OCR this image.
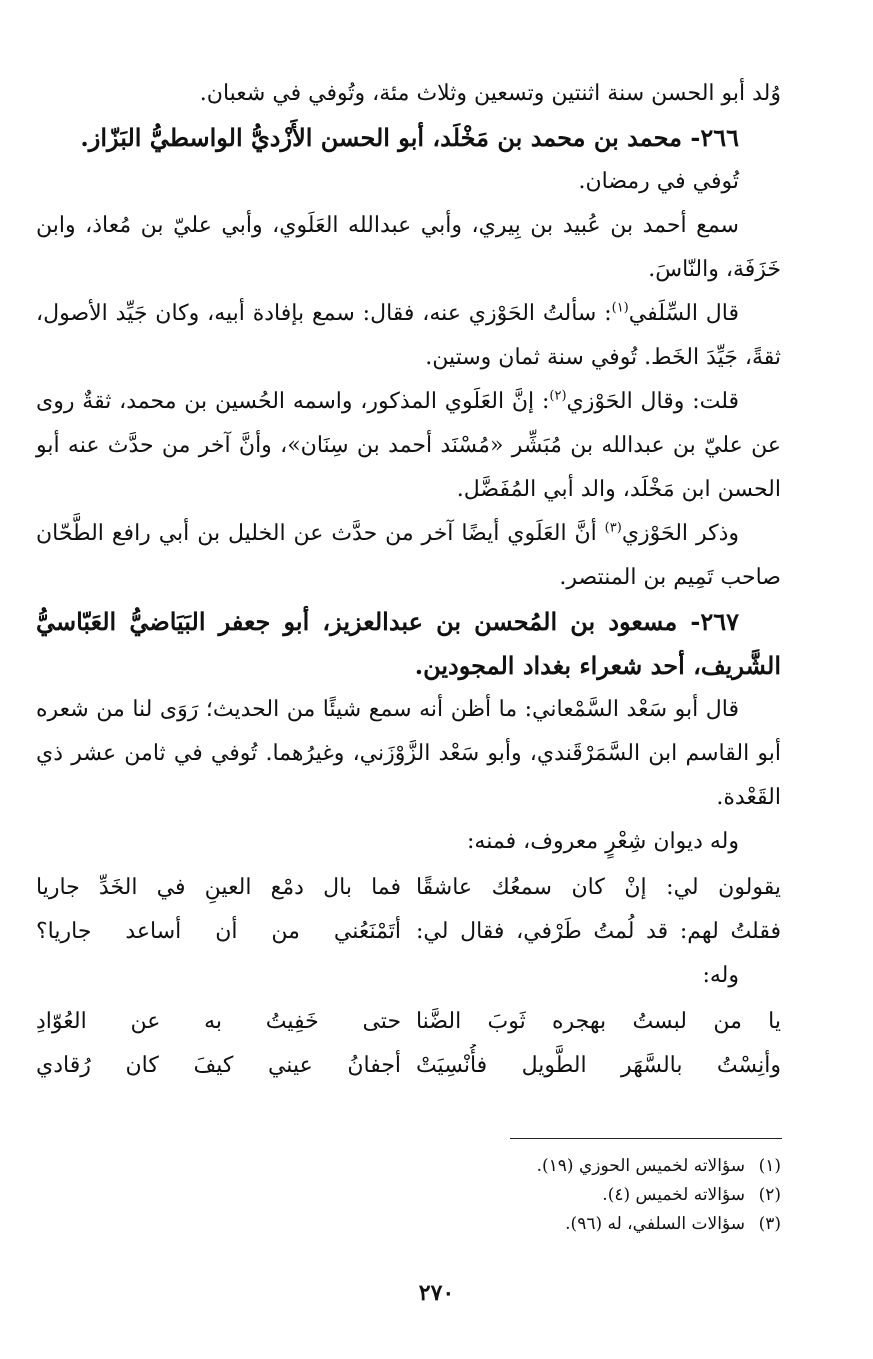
وُلد أبو الحسن سنة اثنتين وتسعين وثلاث مئة، وتُوفي في شعبان.

٢٦٦- محمد بن محمد بن مَخْلَد، أبو الحسن الأَزْديُّ الواسطيُّ البَزّاز.

تُوفي في رمضان.

سمع أحمد بن عُبيد بن بِيري، وأبي عبدالله العَلَوي، وأبي عليّ بن مُعاذ، وابن خَزَفَة، والنّاسَ.

قال السِّلَفي$^{(١)}$: سألتُ الحَوْزي عنه، فقال: سمع بإفادة أبيه، وكان جَيِّد الأصول، ثقةً، جَيِّدَ الخَط. تُوفي سنة ثمان وستين.

قلت: وقال الحَوْزي$^{(٢)}$: إنَّ العَلَوي المذكور، واسمه الحُسين بن محمد، ثقةٌ روى عن عليّ بن عبدالله بن مُبَشِّر «مُسْنَد أحمد بن سِنَان»، وأنَّ آخر من حدَّث عنه أبو الحسن ابن مَخْلَد، والد أبي المُفَضَّل.

وذكر الحَوْزي$^{(٣)}$ أنَّ العَلَوي أيضًا آخر من حدَّث عن الخليل بن أبي رافع الطَّحّان صاحب تَمِيم بن المنتصر.

٢٦٧- مسعود بن المُحسن بن عبدالعزيز، أبو جعفر البَيَاضيُّ العَبّاسيُّ الشَّريف، أحد شعراء بغداد المجودين.

قال أبو سَعْد السَّمْعاني: ما أظن أنه سمع شيئًا من الحديث؛ رَوَى لنا من شعره أبو القاسم ابن السَّمَرْقَندي، وأبو سَعْد الزَّوْزَني، وغيرُهما. تُوفي في ثامن عشر ذي القَعْدة.

وله ديوان شِعْرٍ معروف، فمنه:

يقولون لي: إنْ كان سمعُك عاشقًا
فما بال دمْع العينِ في الخَدِّ جاريا
فقلتُ لهم: قد لُمتُ طَرْفي، فقال لي:
أتَمْنَعُني من أن أساعد جاريا؟

وله:

يا من لبستُ بهجره ثَوبَ الضَّنا
حتى خَفِيتُ به عن العُوّادِ
وأنِسْتُ بالسَّهَر الطَّويل فأُنْسِيَتْ
أجفانُ عيني كيفَ كان رُقادي
(١)
سؤالاته لخميس الحوزي (١٩).
(٢)
سؤالاته لخميس (٤).
(٣)
سؤالات السلفي، له (٩٦).
٢٧٠
